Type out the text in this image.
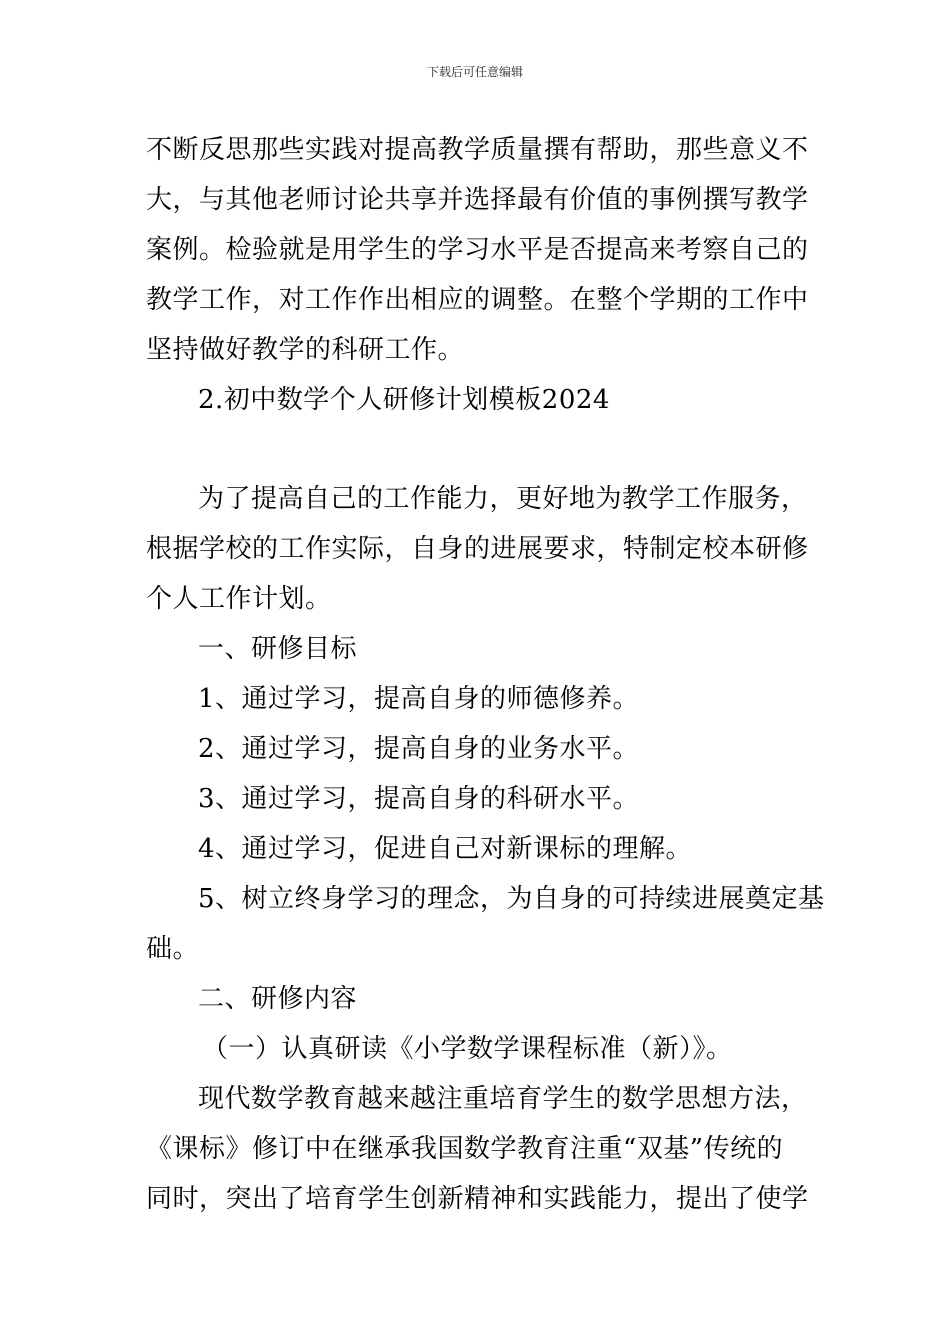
下载后可任意编辑
不断反思那些实践对提高教学质量撰有帮助，那些意义不
大，与其他老师讨论共享并选择最有价值的事例撰写教学
案例。检验就是用学生的学习水平是否提高来考察自己的
教学工作，对工作作出相应的调整。在整个学期的工作中
坚持做好教学的科研工作。
2.初中数学个人研修计划模板2024
为了提高自己的工作能力，更好地为教学工作服务，
根据学校的工作实际，自身的进展要求，特制定校本研修
个人工作计划。
一、研修目标
1、通过学习，提高自身的师德修养。
2、通过学习，提高自身的业务水平。
3、通过学习，提高自身的科研水平。
4、通过学习，促进自己对新课标的理解。
5、树立终身学习的理念，为自身的可持续进展奠定基
础。
二、研修内容
（一）认真研读《小学数学课程标准（新）》。
现代数学教育越来越注重培育学生的数学思想方法，
《课标》修订中在继承我国数学教育注重“双基”传统的
同时，突出了培育学生创新精神和实践能力，提出了使学
